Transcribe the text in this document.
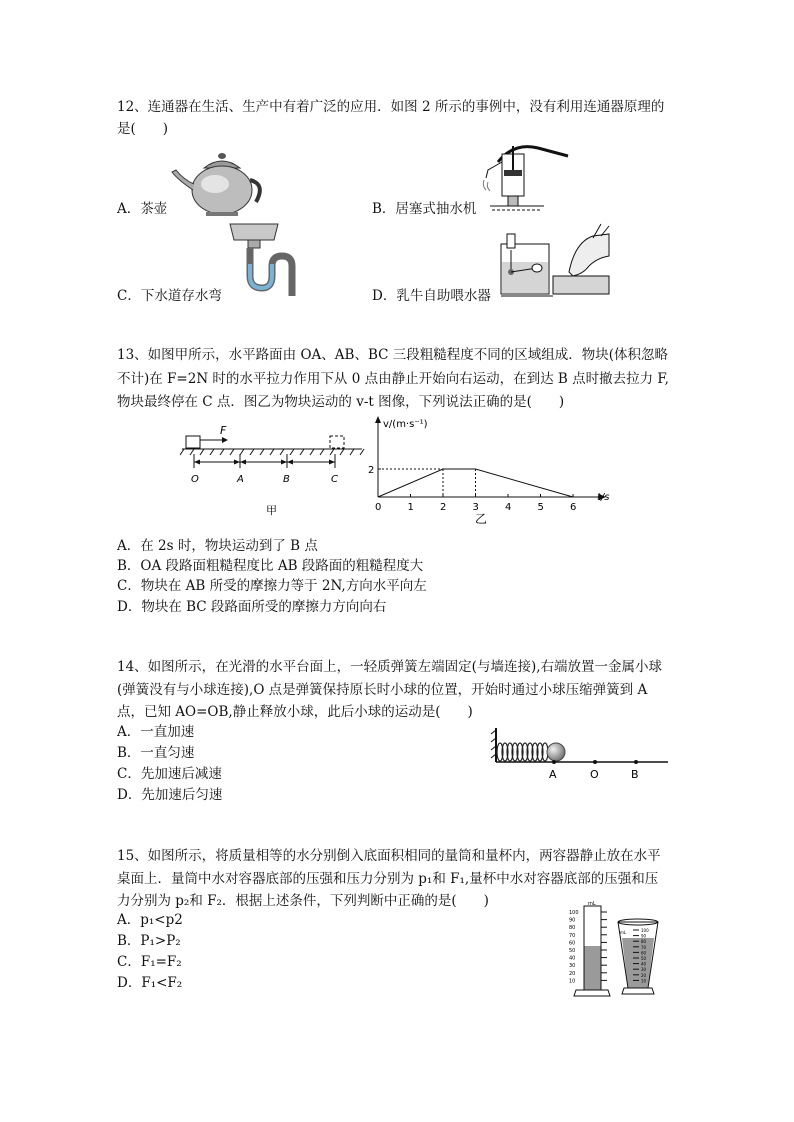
12、连通器在生活、生产中有着广泛的应用．如图 2 所示的事例中，没有利用连通器原理的
是(　　)
A．茶壶	B．居塞式抽水机
C．下水道存水弯	D．乳牛自助喂水器
13、如图甲所示，水平路面由 OA、AB、BC 三段粗糙程度不同的区域组成．物块(体积忽略
不计)在 F=2N 时的水平拉力作用下从 0 点由静止开始向右运动，在到达 B 点时撤去拉力 F,
物块最终停在 C 点．图乙为物块运动的 v-t 图像，下列说法正确的是(　　)
F
O	A	B	C
甲
v/(m·s⁻¹)
t/s
乙
0	1	2	3	4	5	6
2
A．在 2s 时，物块运动到了 B 点
B．OA 段路面粗糙程度比 AB 段路面的粗糙程度大
C．物块在 AB 所受的摩擦力等于 2N,方向水平向左
D．物块在 BC 段路面所受的摩擦力方向向右
14、如图所示，在光滑的水平台面上，一轻质弹簧左端固定(与墙连接),右端放置一金属小球
(弹簧没有与小球连接),O 点是弹簧保持原长时小球的位置，开始时通过小球压缩弹簧到 A
点，已知 AO=OB,静止释放小球，此后小球的运动是(　　)
A．一直加速
B．一直匀速
C．先加速后减速
D．先加速后匀速
A	O	B
15、如图所示，将质量相等的水分别倒入底面积相同的量筒和量杯内，两容器静止放在水平
桌面上．量筒中水对容器底部的压强和压力分别为 p₁和 F₁,量杯中水对容器底部的压强和压
力分别为 p₂和 F₂．根据上述条件，下列判断中正确的是(　　)
A．p₁<p2
B．P₁>P₂
C．F₁=F₂
D．F₁<F₂
mL
100
90
80
70
60
50
40
30
20
10
mL	100
90
80
70
60
50
40
30
20
10
